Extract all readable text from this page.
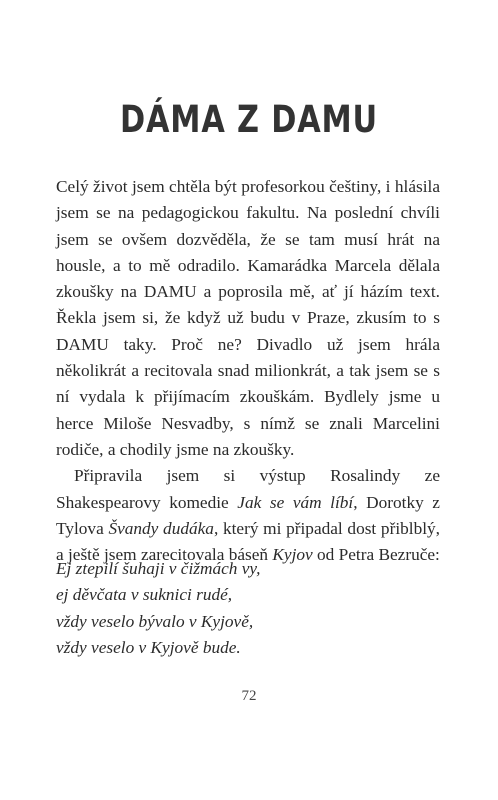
DÁMA Z DAMU

Celý život jsem chtěla být profesorkou češtiny, i hlásila jsem se na pedagogickou fakultu. Na poslední chvíli jsem se ovšem dozvěděla, že se tam musí hrát na housle, a to mě odradilo. Kamarádka Marcela dělala zkoušky na DAMU a poprosila mě, ať jí házím text. Řekla jsem si, že když už budu v Praze, zkusím to s DAMU taky. Proč ne? Divadlo už jsem hrála několikrát a recitovala snad milionkrát, a tak jsem se s ní vydala k přijímacím zkouškám. Bydlely jsme u herce Miloše Nesvadby, s nímž se znali Marcelini rodiče, a chodily jsme na zkoušky.

Připravila jsem si výstup Rosalindy ze Shakespearovy komedie Jak se vám líbí, Dorotky z Tylova Švandy dudáka, který mi připadal dost přiblblý, a ještě jsem zarecitovala báseň Kyjov od Petra Bezruče:

Ej ztepilí šuhaji v čižmách vy,
ej děvčata v suknici rudé,
vždy veselo bývalo v Kyjově,
vždy veselo v Kyjově bude.
72
